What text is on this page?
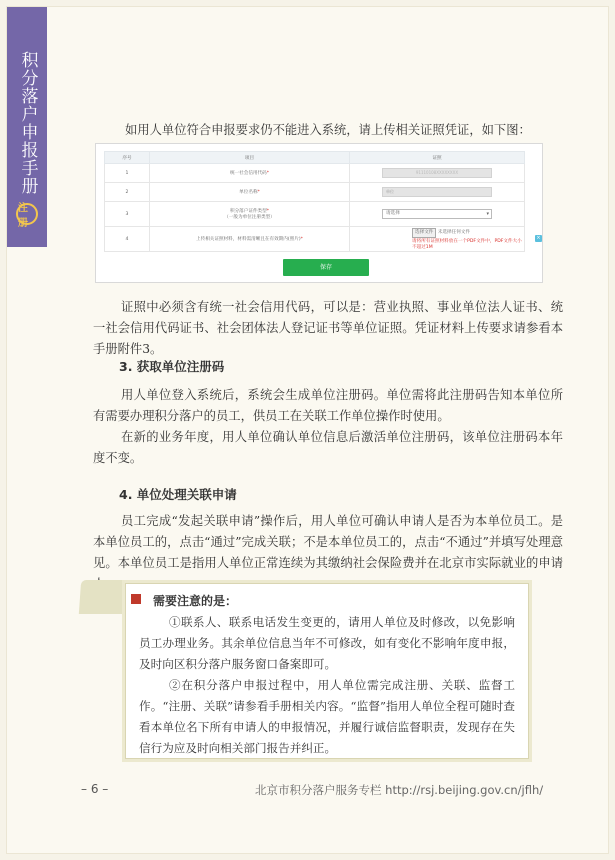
积分落户申报手册
注册
如用人单位符合申报要求仍不能进入系统，请上传相关证照凭证，如下图：
序号	项目	证照
1	统一社会信用代码*	91110108XXXXXXXX
2	单位名称*	单位
3	积分落户证件类型*
（一般为单位注册类型）	请选择 ▾
4	上传相关证照材料，材料需清晰且在有效期内(照片)*	选择文件 未选择任何文件
请将所有证照材料放在一个PDF文件中，PDF文件大小不超过1M
×
保存
证照中必须含有统一社会信用代码，可以是：营业执照、事业单位法人证书、统一社会信用代码证书、社会团体法人登记证书等单位证照。凭证材料上传要求请参看本手册附件3。
3. 获取单位注册码
用人单位登入系统后，系统会生成单位注册码。单位需将此注册码告知本单位所有需要办理积分落户的员工，供员工在关联工作单位操作时使用。
在新的业务年度，用人单位确认单位信息后激活单位注册码，该单位注册码本年度不变。
4. 单位处理关联申请
员工完成“发起关联申请”操作后，用人单位可确认申请人是否为本单位员工。是本单位员工的，点击“通过”完成关联；不是本单位员工的，点击“不通过”并填写处理意见。本单位员工是指用人单位正常连续为其缴纳社会保险费并在北京市实际就业的申请
需要注意的是：
①联系人、联系电话发生变更的，请用人单位及时修改，以免影响员工办理业务。其余单位信息当年不可修改，如有变化不影响年度申报，及时向区积分落户服务窗口备案即可。
②在积分落户申报过程中，用人单位需完成注册、关联、监督工作。“注册、关联”请参看手册相关内容。“监督”指用人单位全程可随时查看本单位名下所有申请人的申报情况，并履行诚信监督职责，发现存在失信行为应及时向相关部门报告并纠正。
– 6 –	北京市积分落户服务专栏 http://rsj.beijing.gov.cn/jflh/
